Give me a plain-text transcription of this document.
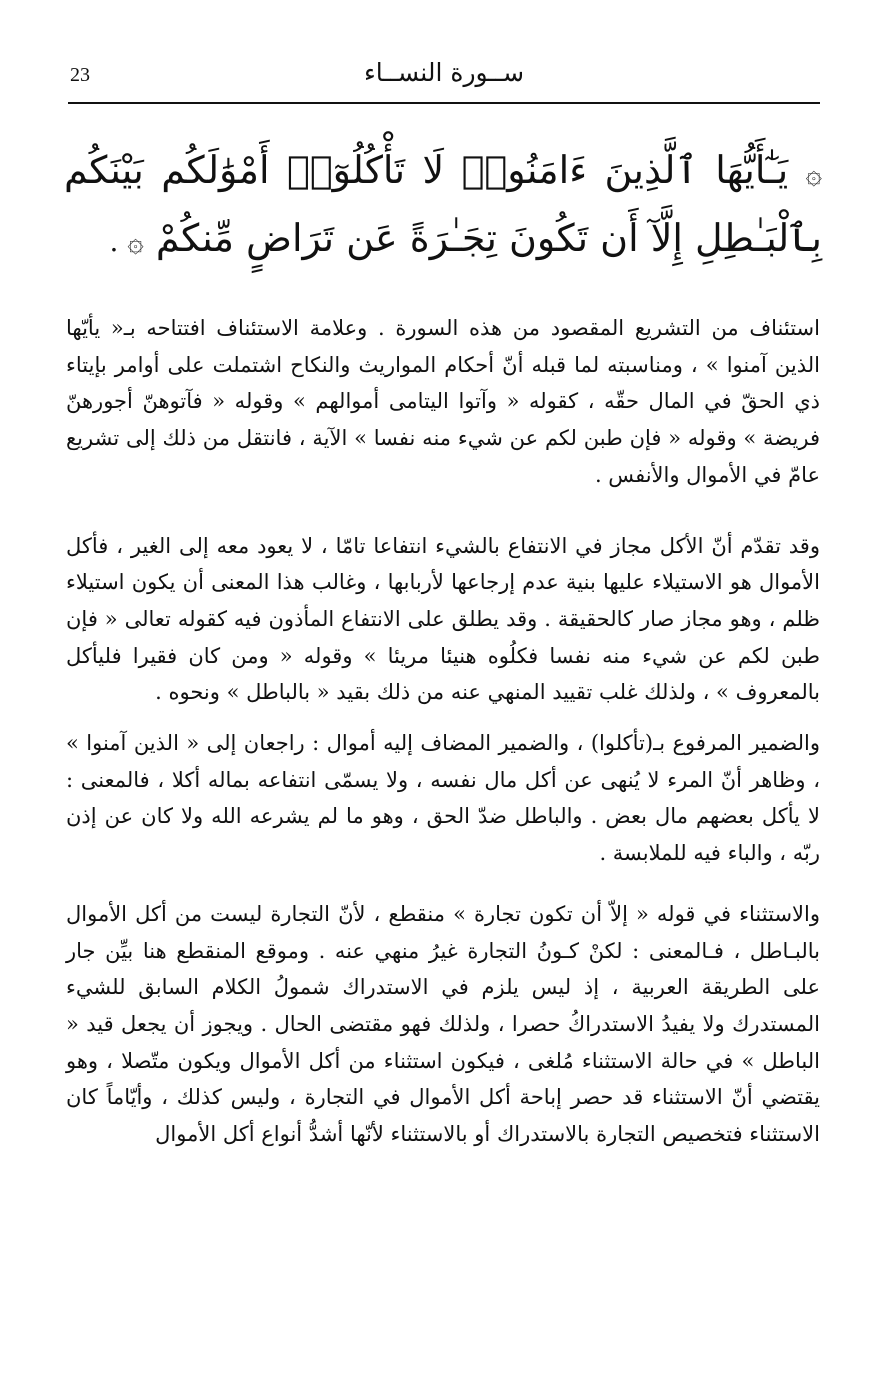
23	ســورة النســاء
۞ يَـٰٓأَيُّهَا ٱلَّذِينَ ءَامَنُوا۟ لَا تَأْكُلُوٓا۟ أَمْوَٰلَكُم بَيْنَكُم بِٱلْبَـٰطِلِ إِلَّآ أَن تَكُونَ تِجَـٰرَةً عَن تَرَاضٍ مِّنكُمْ ۞ .

استئناف من التشريع المقصود من هذه السورة . وعلامة الاستئناف افتتاحه بـ« يأيّها الذين آمنوا » ، ومناسبته لما قبله أنّ أحكام المواريث والنكاح اشتملت على أوامر بإيتاء ذي الحقّ في المال حقّه ، كقوله « وآتوا اليتامى أموالهم » وقوله « فآتوهنّ أجورهنّ فريضة » وقوله « فإن طبن لكم عن شيء منه نفسا » الآية ، فانتقل من ذلك إلى تشريع عامّ في الأموال والأنفس .

وقد تقدّم أنّ الأكل مجاز في الانتفاع بالشيء انتفاعا تامّا ، لا يعود معه إلى الغير ، فأكل الأموال هو الاستيلاء عليها بنية عدم إرجاعها لأربابها ، وغالب هذا المعنى أن يكون استيلاء ظلم ، وهو مجاز صار كالحقيقة . وقد يطلق على الانتفاع المأذون فيه كقوله تعالى « فإن طبن لكم عن شيء منه نفسا فكلُوه هنيئا مريئا » وقوله « ومن كان فقيرا فليأكل بالمعروف » ، ولذلك غلب تقييد المنهي عنه من ذلك بقيد « بالباطل » ونحوه .

والضمير المرفوع بـ(تأكلوا) ، والضمير المضاف إليه أموال : راجعان إلى « الذين آمنوا » ، وظاهر أنّ المرء لا يُنهى عن أكل مال نفسه ، ولا يسمّى انتفاعه بماله أكلا ، فالمعنى : لا يأكل بعضهم مال بعض . والباطل ضدّ الحق ، وهو ما لم يشرعه الله ولا كان عن إذن ربّه ، والباء فيه للملابسة .

والاستثناء في قوله « إلاّ أن تكون تجارة » منقطع ، لأنّ التجارة ليست من أكل الأموال بالبـاطل ، فـالمعنى : لكنْ كـونُ التجارة غيرُ منهي عنه . وموقع المنقطع هنا بيِّن جار على الطريقة العربية ، إذ ليس يلزم في الاستدراك شمولُ الكلام السابق للشيء المستدرك ولا يفيدُ الاستدراكُ حصرا ، ولذلك فهو مقتضى الحال . ويجوز أن يجعل قيد « الباطل » في حالة الاستثناء مُلغى ، فيكون استثناء من أكل الأموال ويكون متّصلا ، وهو يقتضي أنّ الاستثناء قد حصر إباحة أكل الأموال في التجارة ، وليس كذلك ، وأيّاماً كان الاستثناء فتخصيص التجارة بالاستدراك أو بالاستثناء لأنّها أشدُّ أنواع أكل الأموال
